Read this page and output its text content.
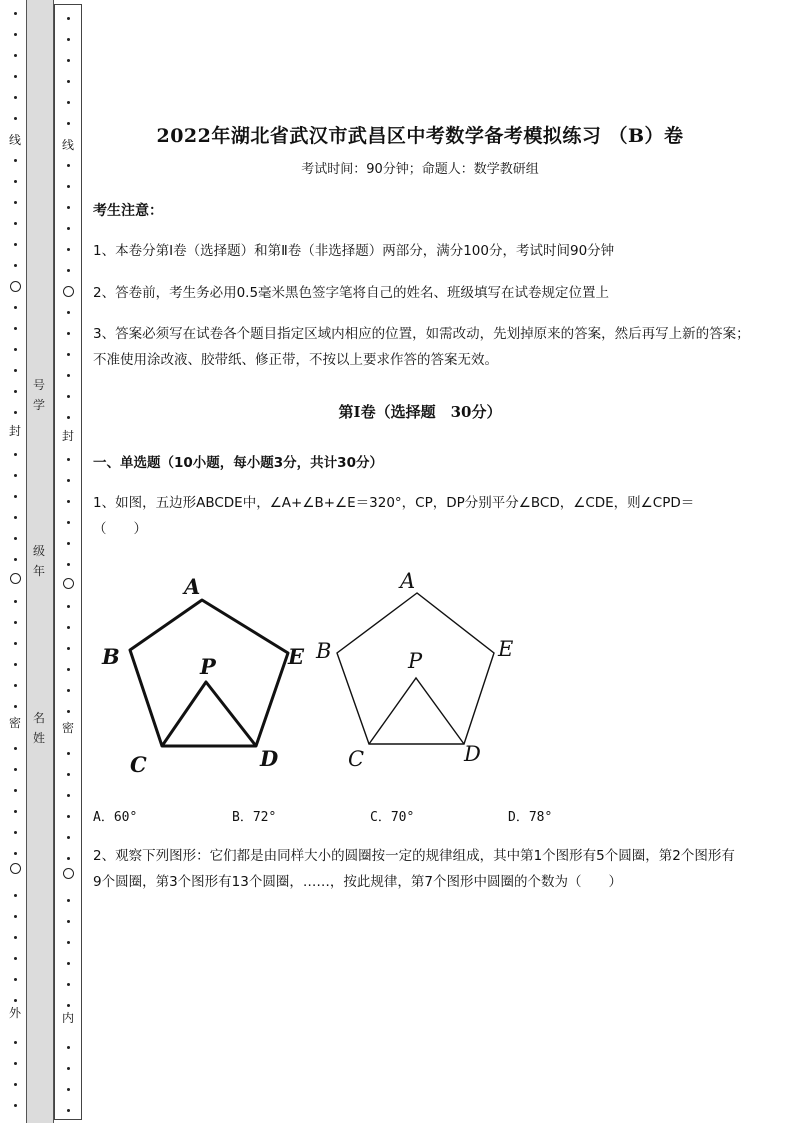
线
封
密
外
线
封
密
内
号学
级年
名姓
2022年湖北省武汉市武昌区中考数学备考模拟练习 （B）卷
考试时间：90分钟；命题人：数学教研组
考生注意：
1、本卷分第I卷（选择题）和第Ⅱ卷（非选择题）两部分，满分100分，考试时间90分钟
2、答卷前，考生务必用0.5毫米黑色签字笔将自己的姓名、班级填写在试卷规定位置上
3、答案必须写在试卷各个题目指定区域内相应的位置，如需改动，先划掉原来的答案，然后再写上新的答案；不准使用涂改液、胶带纸、修正带，不按以上要求作答的答案无效。
第I卷（选择题　30分）
一、单选题（10小题，每小题3分，共计30分）
1、如图，五边形ABCDE中，∠A+∠B+∠E＝320°，CP，DP分别平分∠BCD，∠CDE，则∠CPD＝（　　）
A
B	E
P
C	D
A
B	E
P
C	D
A．60°	B．72°	C．70°	D．78°
2、观察下列图形：它们都是由同样大小的圆圈按一定的规律组成，其中第1个图形有5个圆圈，第2个图形有9个圆圈，第3个图形有13个圆圈，……，按此规律，第7个图形中圆圈的个数为（　　）
